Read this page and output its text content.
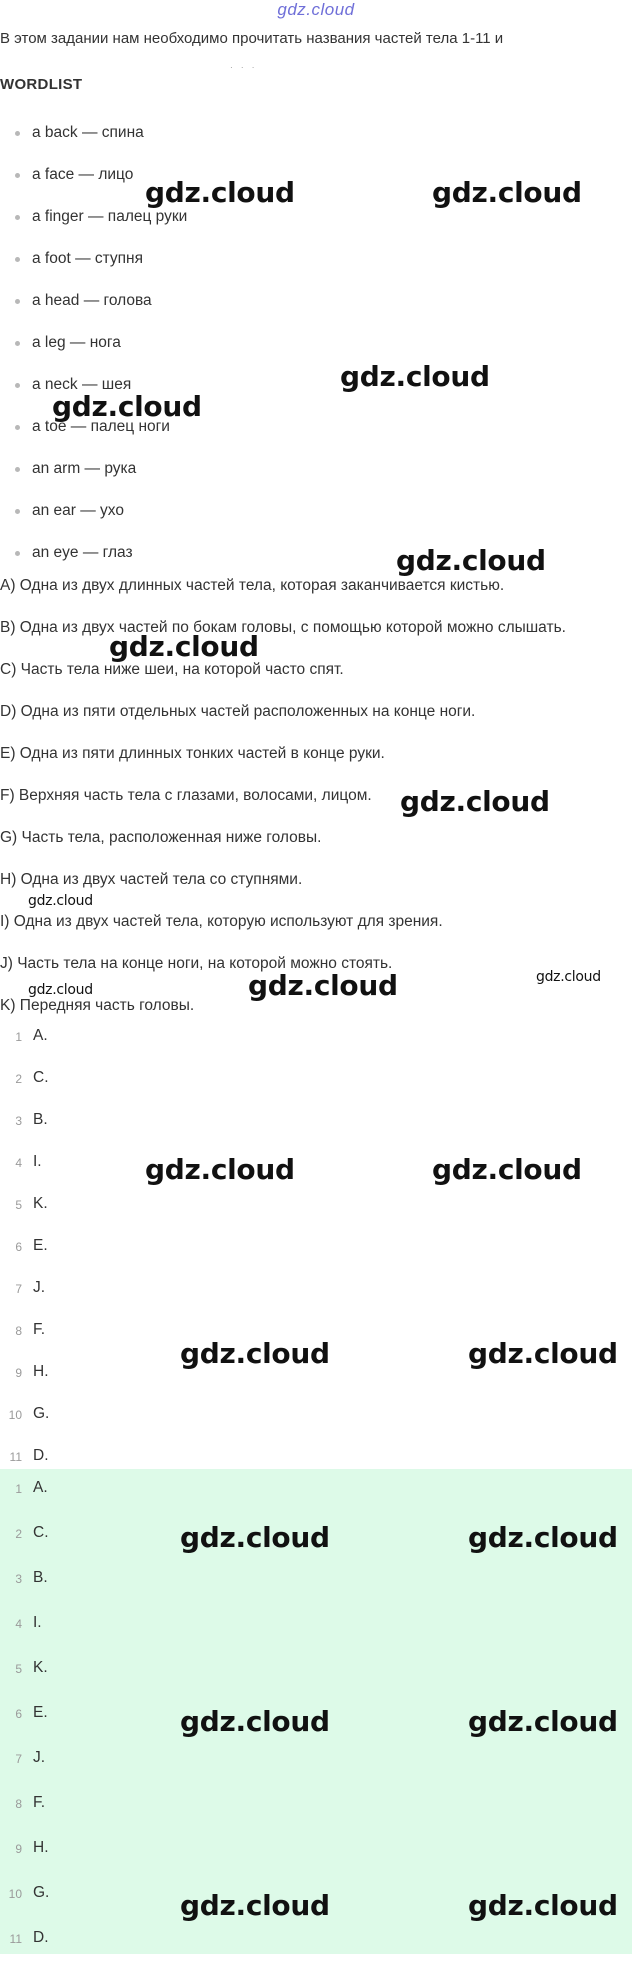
gdz.cloud
В этом задании нам необходимо прочитать названия частей тела 1-11 и
· · ·
WORDLIST
a back — спина
a face — лицо
a finger — палец руки
a foot — ступня
a head — голова
a leg — нога
a neck — шея
a toe — палец ноги
an arm — рука
an ear — ухо
an eye — глаз
A) Одна из двух длинных частей тела, которая заканчивается кистью.
B) Одна из двух частей по бокам головы, с помощью которой можно слышать.
C) Часть тела ниже шеи, на которой часто спят.
D) Одна из пяти отдельных частей расположенных на конце ноги.
E) Одна из пяти длинных тонких частей в конце руки.
F) Верхняя часть тела с глазами, волосами, лицом.
G) Часть тела, расположенная ниже головы.
H) Одна из двух частей тела со ступнями.
I) Одна из двух частей тела, которую используют для зрения.
J) Часть тела на конце ноги, на которой можно стоять.
K) Передняя часть головы.
1 A.
2 C.
3 B.
4 I.
5 K.
6 E.
7 J.
8 F.
9 H.
10 G.
11 D.
1 A.
2 C.
3 B.
4 I.
5 K.
6 E.
7 J.
8 F.
9 H.
10 G.
11 D.
gdz.cloud	gdz.cloud
gdz.cloud
gdz.cloud
gdz.cloud
gdz.cloud
gdz.cloud
gdz.cloud
gdz.cloud
gdz.cloud
gdz.cloud
gdz.cloud	gdz.cloud
gdz.cloud	gdz.cloud
gdz.cloud	gdz.cloud
gdz.cloud	gdz.cloud
gdz.cloud	gdz.cloud
